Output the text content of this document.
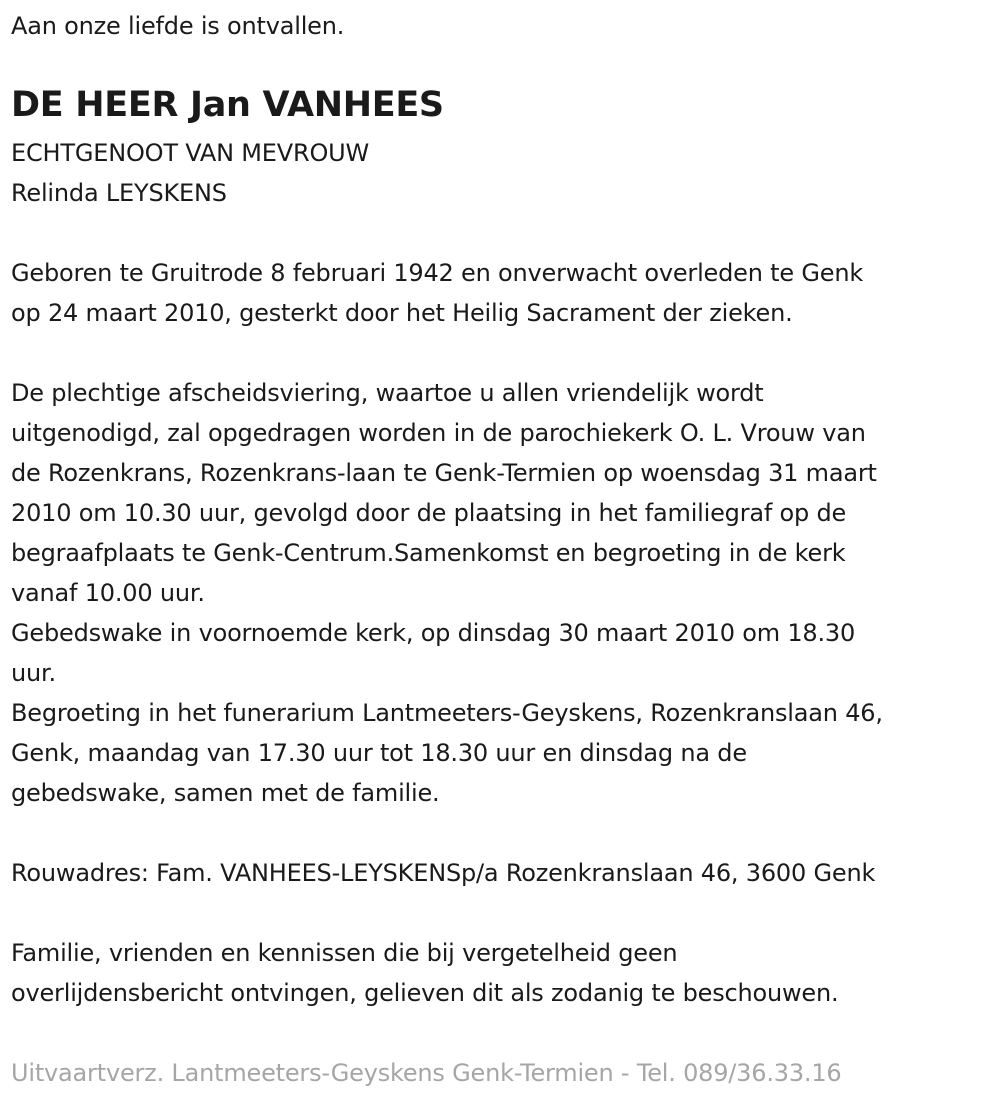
Aan onze liefde is ontvallen.
DE HEER Jan VANHEES
ECHTGENOOT VAN MEVROUW
Relinda LEYSKENS
Geboren te Gruitrode 8 februari 1942 en onverwacht overleden te Genk
op 24 maart 2010, gesterkt door het Heilig Sacrament der zieken.
De plechtige afscheidsviering, waartoe u allen vriendelijk wordt
uitgenodigd, zal opgedragen worden in de parochiekerk O. L. Vrouw van
de Rozenkrans, Rozenkrans-laan te Genk-Termien op woensdag 31 maart
2010 om 10.30 uur, gevolgd door de plaatsing in het familiegraf op de
begraafplaats te Genk-Centrum.Samenkomst en begroeting in de kerk
vanaf 10.00 uur.
Gebedswake in voornoemde kerk, op dinsdag 30 maart 2010 om 18.30
uur.
Begroeting in het funerarium Lantmeeters-Geyskens, Rozenkranslaan 46,
Genk, maandag van 17.30 uur tot 18.30 uur en dinsdag na de
gebedswake, samen met de familie.
Rouwadres: Fam. VANHEES-LEYSKENSp/a Rozenkranslaan 46, 3600 Genk
Familie, vrienden en kennissen die bij vergetelheid geen
overlijdensbericht ontvingen, gelieven dit als zodanig te beschouwen.
Uitvaartverz. Lantmeeters-Geyskens Genk-Termien - Tel. 089/36.33.16
